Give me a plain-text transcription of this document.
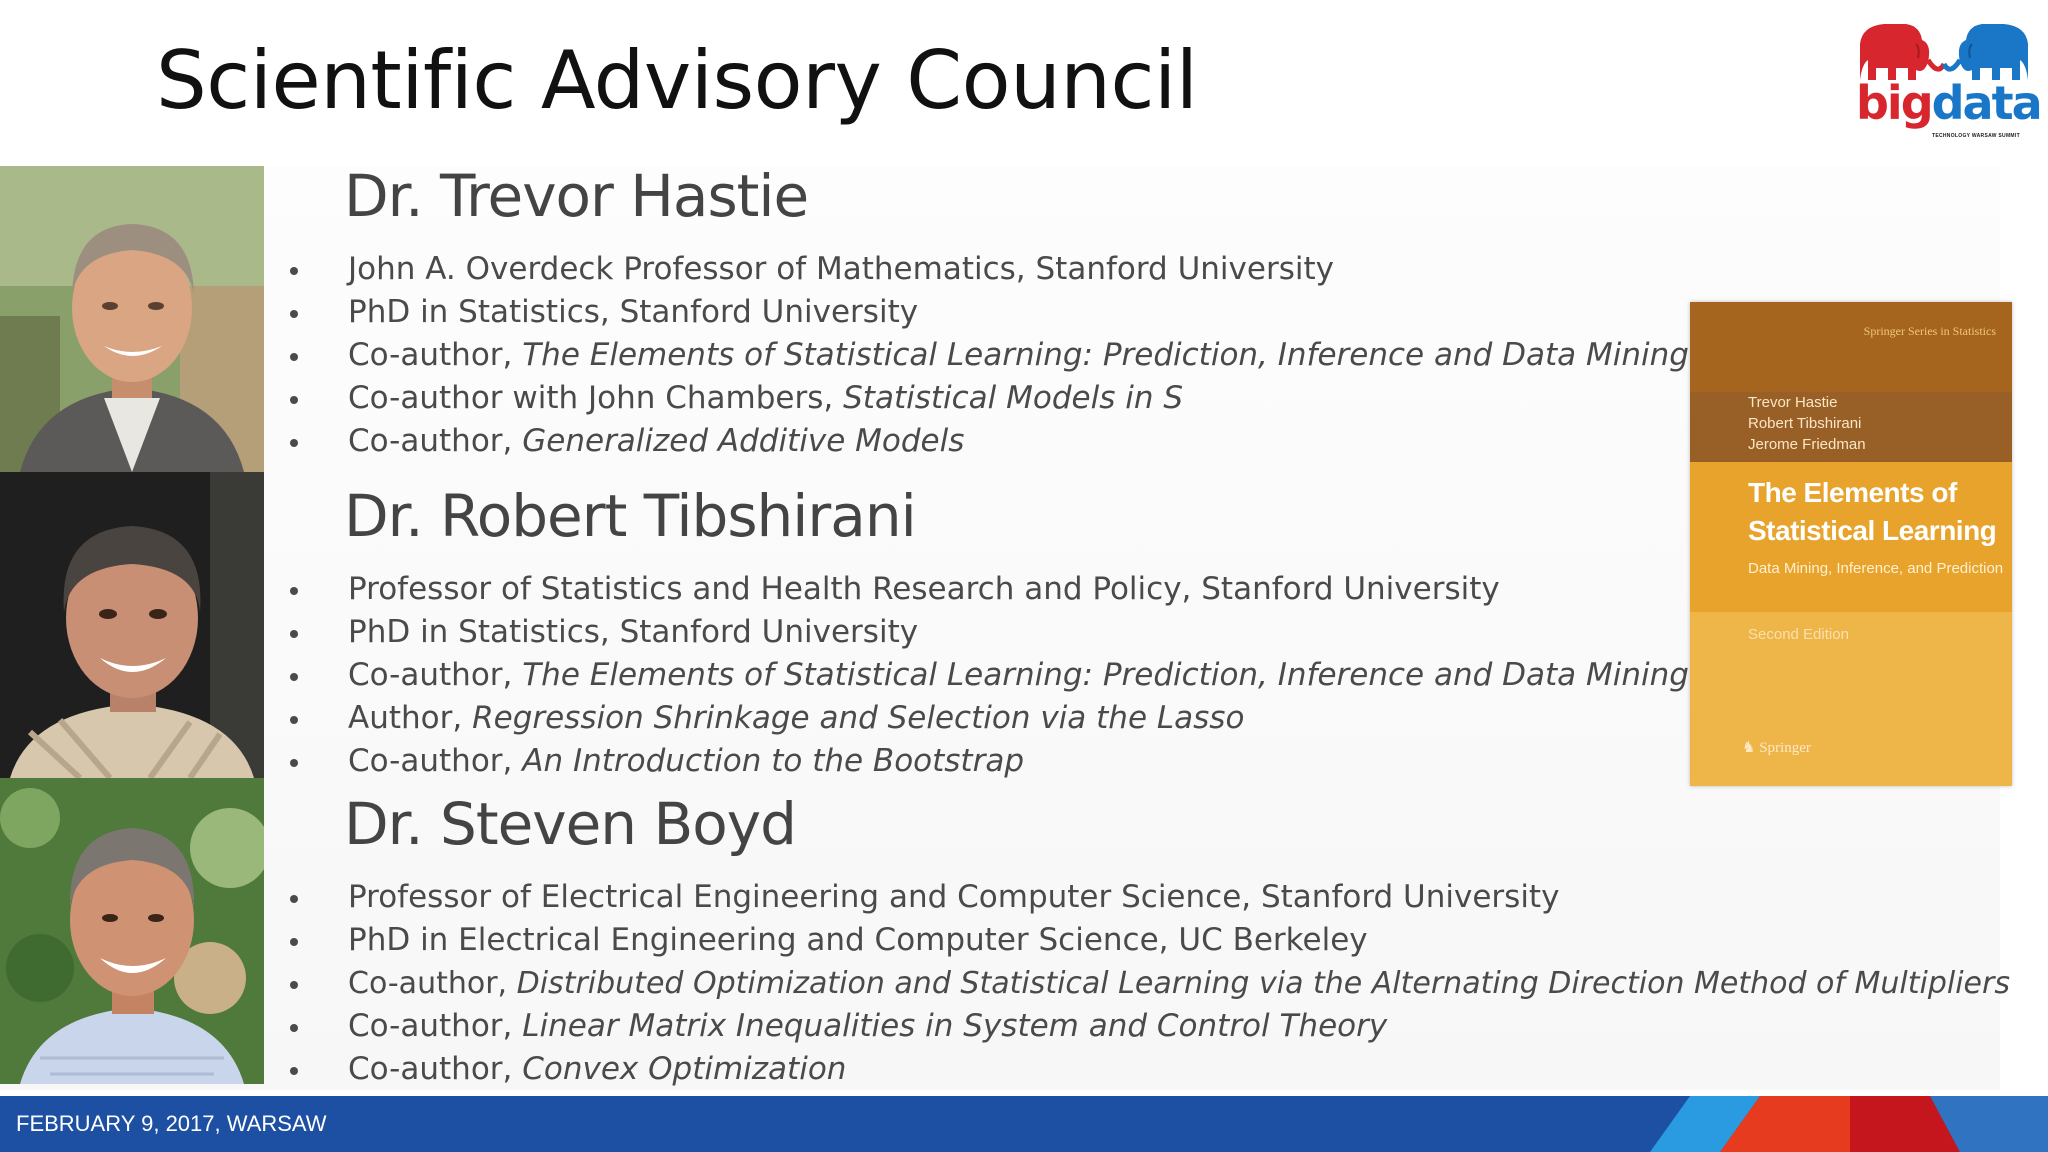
Scientific Advisory Council	bigdata
TECHNOLOGY WARSAW SUMMIT
Dr. Trevor Hastie
John A. Overdeck Professor of Mathematics, Stanford University
PhD in Statistics, Stanford University
Co-author, The Elements of Statistical Learning: Prediction, Inference and Data Mining
Co-author with John Chambers, Statistical Models in S
Co-author, Generalized Additive Models
Dr. Robert Tibshirani
Professor of Statistics and Health Research and Policy, Stanford University
PhD in Statistics, Stanford University
Co-author, The Elements of Statistical Learning: Prediction, Inference and Data Mining
Author, Regression Shrinkage and Selection via the Lasso
Co-author, An Introduction to the Bootstrap
Dr. Steven Boyd
Professor of Electrical Engineering and Computer Science, Stanford University
PhD in Electrical Engineering and Computer Science, UC Berkeley
Co-author, Distributed Optimization and Statistical Learning via the Alternating Direction Method of Multipliers
Co-author, Linear Matrix Inequalities in System and Control Theory
Co-author, Convex Optimization
Springer Series in Statistics
Trevor Hastie
Robert Tibshirani
Jerome Friedman
The Elements of
Statistical Learning
Data Mining, Inference, and Prediction
Second Edition
♞ Springer
FEBRUARY 9, 2017, WARSAW
